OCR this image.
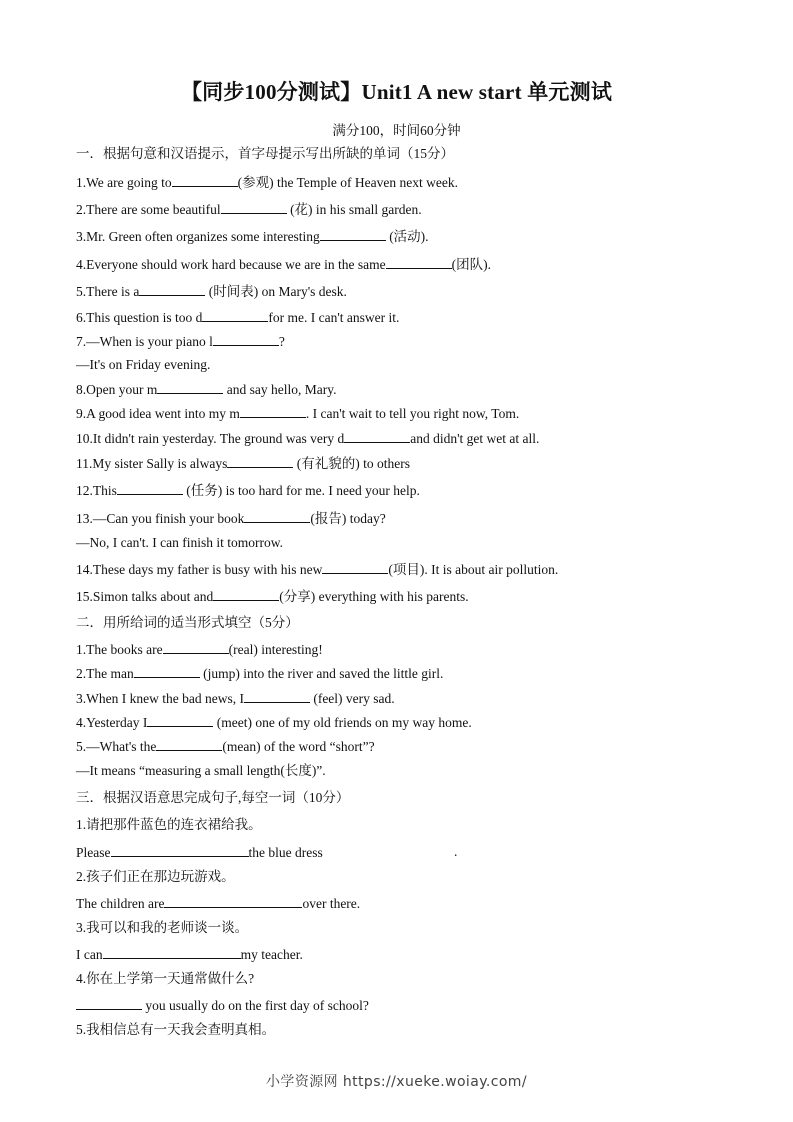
【同步100分测试】Unit1 A new start 单元测试
满分100，时间60分钟
一．根据句意和汉语提示，首字母提示写出所缺的单词（15分）
1.We are going to	(参观) the Temple of Heaven next week.
2.There are some beautiful	(花) in his small garden.
3.Mr. Green often organizes some interesting	(活动).
4.Everyone should work hard because we are in the same	(团队).
5.There is a	(时间表) on Mary's desk.
6.This question is too d	for me. I can't answer it.
7.—When is your piano l	?
—It's on Friday evening.
8.Open your m	and say hello, Mary.
9.A good idea went into my m	. I can't wait to tell you right now, Tom.
10.It didn't rain yesterday. The ground was very d	and didn't get wet at all.
11.My sister Sally is always	(有礼貌的) to others
12.This	(任务) is too hard for me. I need your help.
13.—Can you finish your book	(报告) today?
—No, I can't. I can finish it tomorrow.
14.These days my father is busy with his new	(项目). It is about air pollution.
15.Simon talks about and	(分享) everything with his parents.
二．用所给词的适当形式填空（5分）
1.The books are	(real) interesting!
2.The man	(jump) into the river and saved the little girl.
3.When I knew the bad news, I	(feel) very sad.
4.Yesterday I	(meet) one of my old friends on my way home.
5.—What's the	(mean) of the word “short”?
—It means “measuring a small length(长度)”.
三．根据汉语意思完成句子,每空一词（10分）
1.请把那件蓝色的连衣裙给我。
Please	the blue dress	.
2.孩子们正在那边玩游戏。
The children are	over there.
3.我可以和我的老师谈一谈。
I can	my teacher.
4.你在上学第一天通常做什么?
you usually do on the first day of school?
5.我相信总有一天我会查明真相。
小学资源网 https://xueke.woiay.com/
